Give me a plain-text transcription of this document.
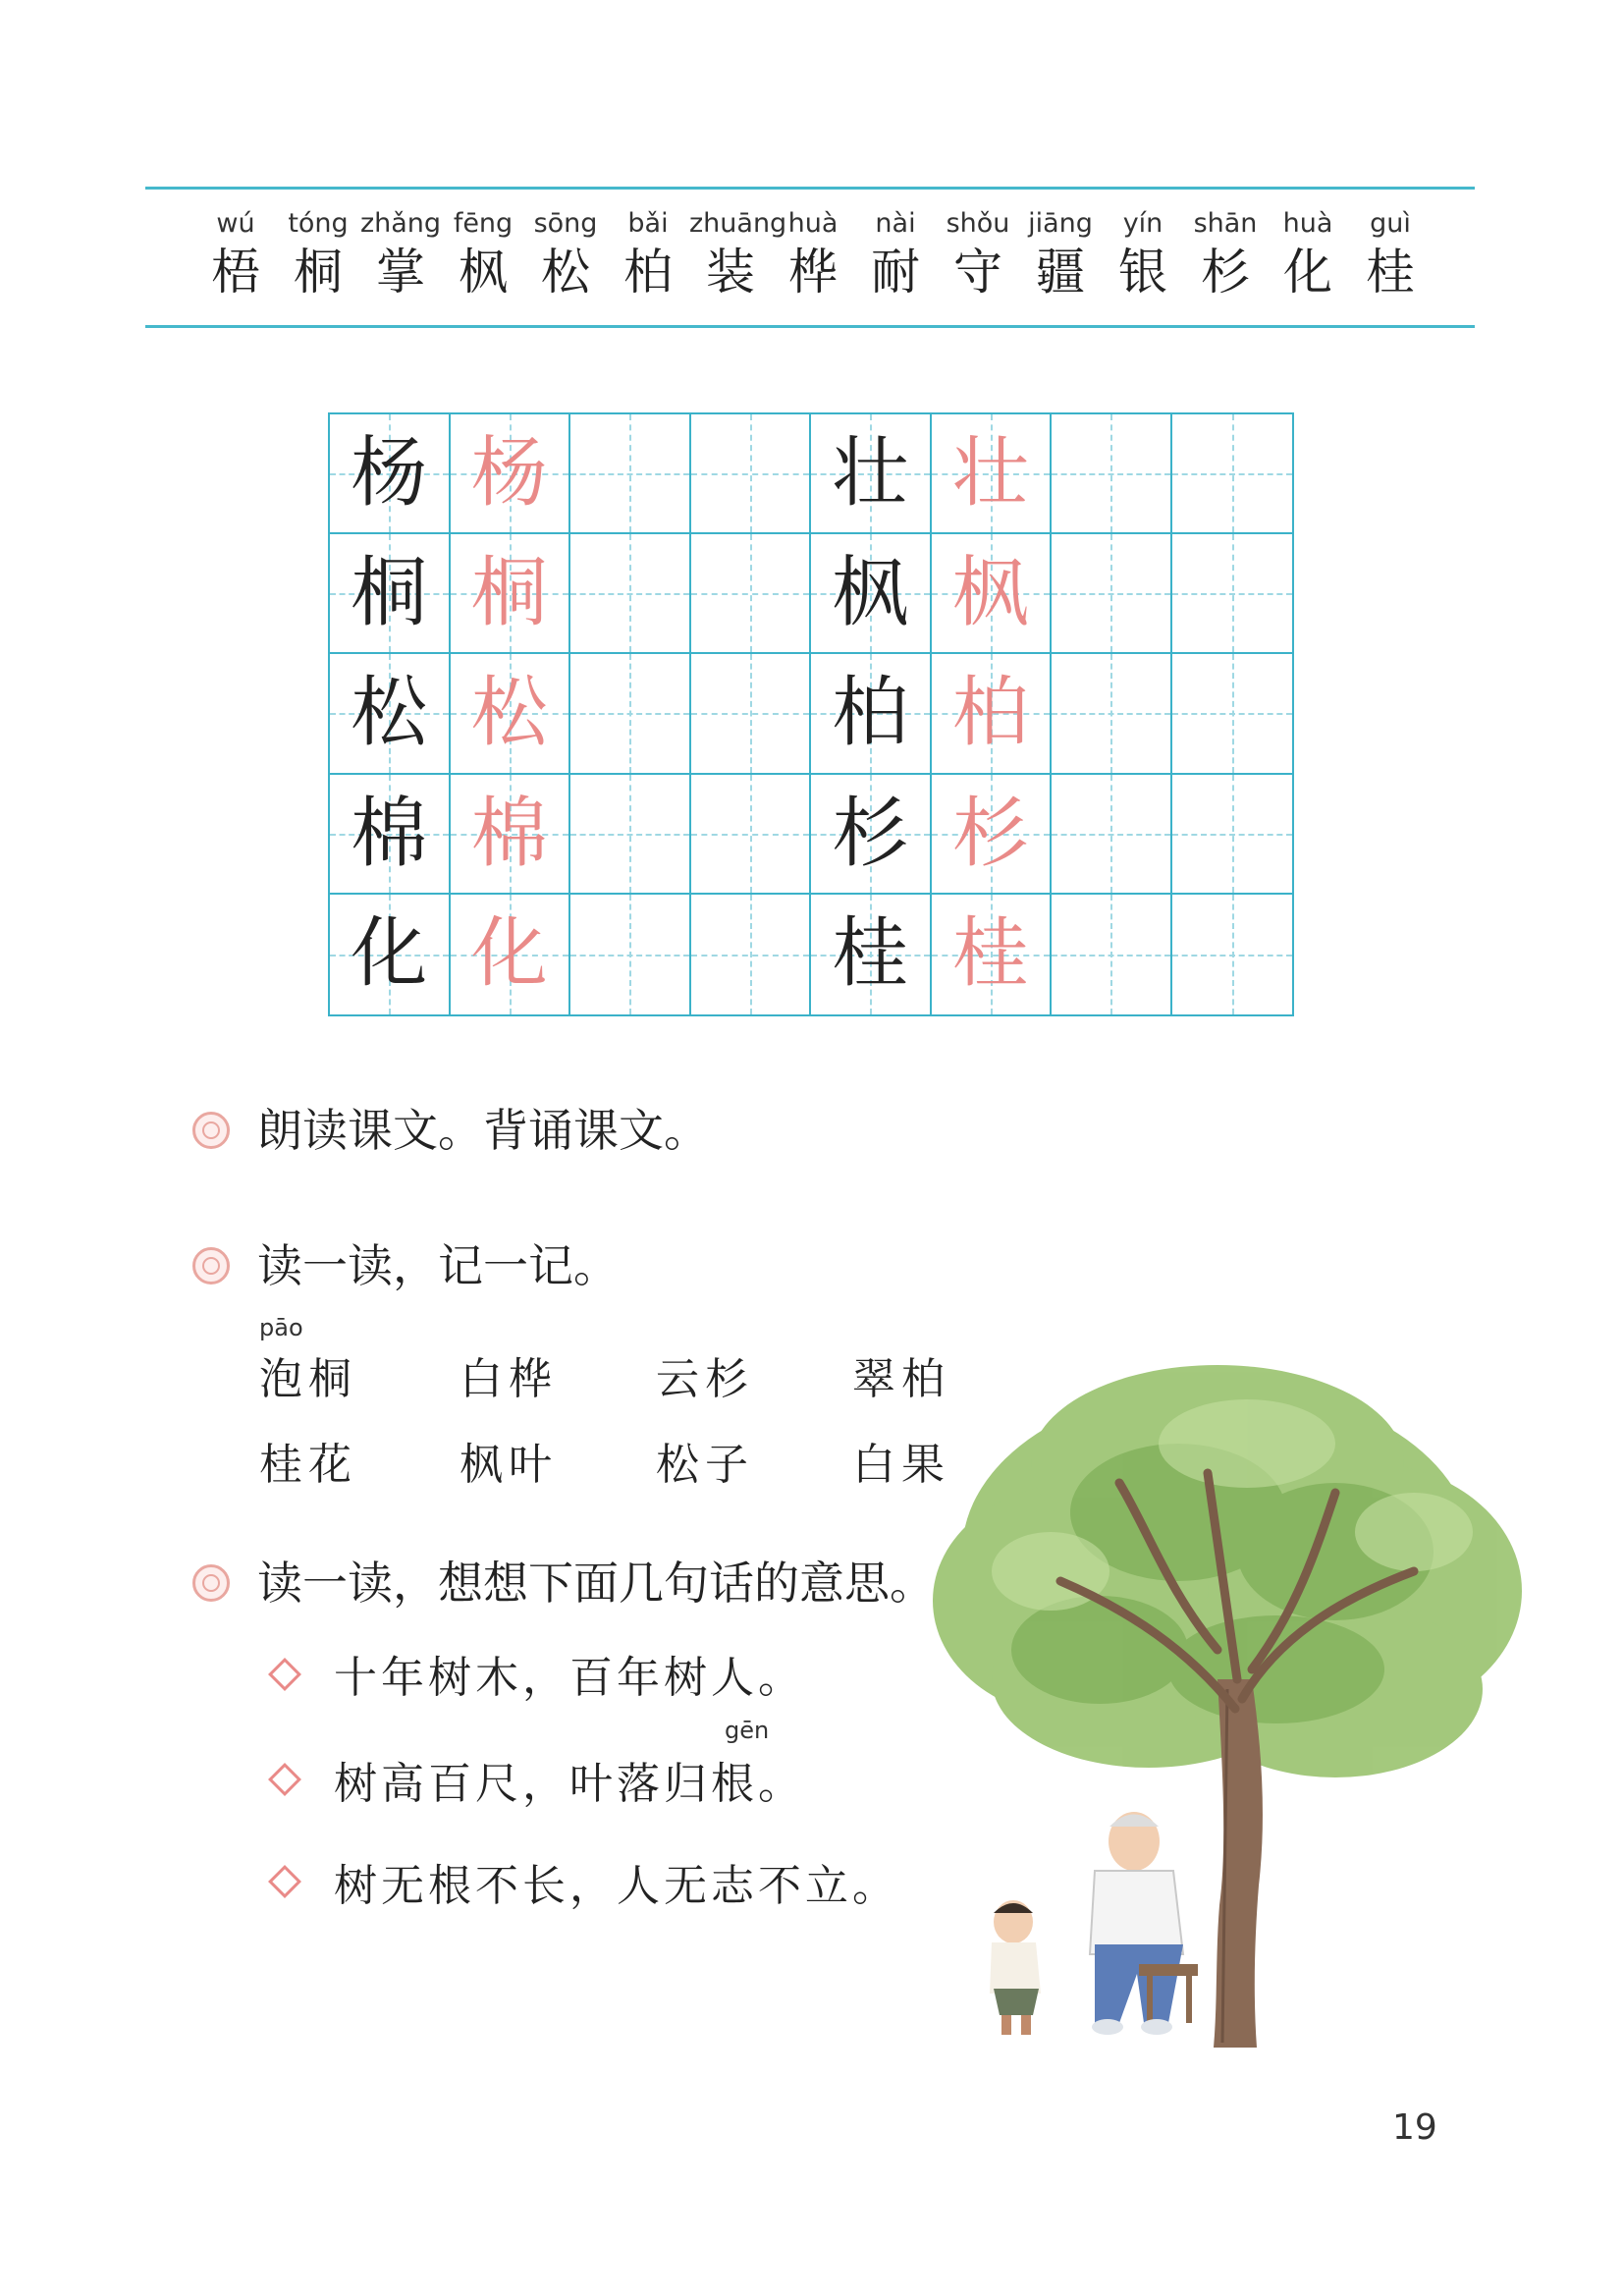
wú
梧
tóng
桐
zhǎng
掌
fēng
枫
sōng
松
bǎi
柏
zhuāng
装
huà
桦
nài
耐
shǒu
守
jiāng
疆
yín
银
shān
杉
huà
化
guì
桂
杨 杨	壮 壮
桐 桐	枫 枫
松 松	柏 柏
棉 棉	杉 杉
化 化	桂 桂
朗读课文。背诵课文。
读一读，记一记。
pāo
泡桐 白桦 云杉 翠柏
桂花 枫叶 松子 白果
读一读，想想下面几句话的意思。
十年树木，百年树人。
gēn
树高百尺，叶落归根。
树无根不长，人无志不立。
19
